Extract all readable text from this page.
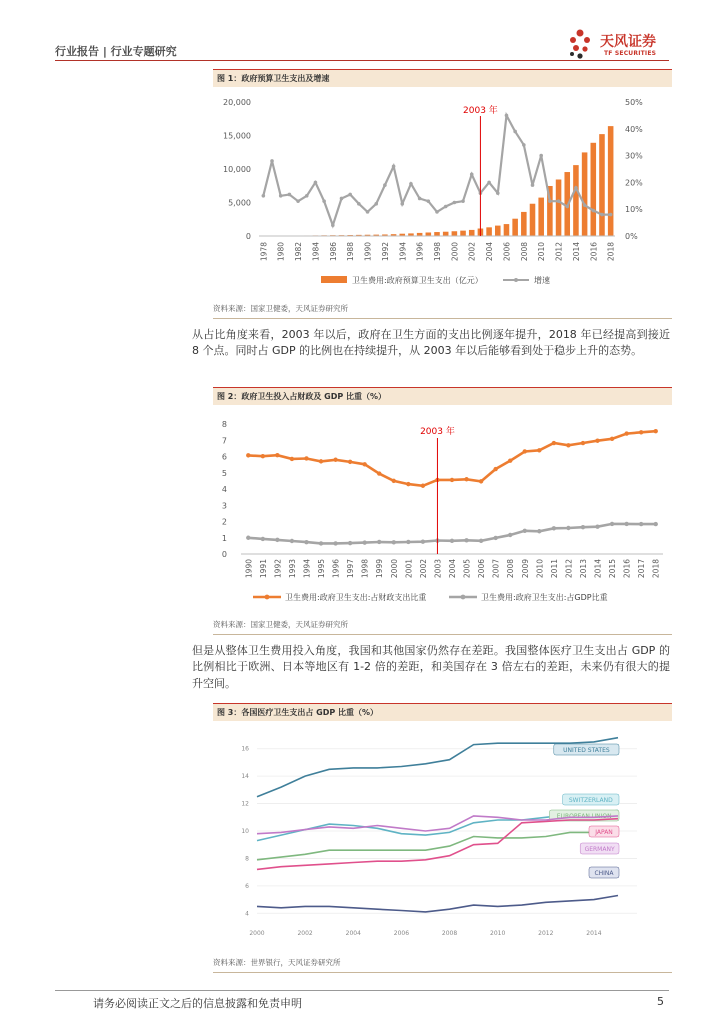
行业报告 | 行业专题研究
天风证券
TF SECURITIES
图 1：政府预算卫生支出及增速
0
5,000
10,000
15,000
20,000
0%
10%
20%
30%
40%
50%
2003 年
1978 1980 1982 1984 1986 1988 1990 1992 1994 1996 1998 2000 2002 2004 2006 2008 2010 2012 2014 2016 2018
卫生费用:政府预算卫生支出（亿元）	增速
资料来源：国家卫健委，天风证券研究所
从占比角度来看，2003 年以后，政府在卫生方面的支出比例逐年提升，2018 年已经提高到接近 8 个点。同时占 GDP 的比例也在持续提升，从 2003 年以后能够看到处于稳步上升的态势。
图 2：政府卫生投入占财政及 GDP 比重（%）
0
1
2
3
4
5
6
7
8
2003 年
1990 1991 1992 1993 1994 1995 1996 1997 1998 1999 2000 2001 2002 2003 2004 2005 2006 2007 2008 2009 2010 2011 2012 2013 2014 2015 2016 2017 2018
卫生费用:政府卫生支出:占财政支出比重	卫生费用:政府卫生支出:占GDP比重
资料来源：国家卫健委，天风证券研究所
但是从整体卫生费用投入角度，我国和其他国家仍然存在差距。我国整体医疗卫生支出占 GDP 的比例相比于欧洲、日本等地区有 1-2 倍的差距，和美国存在 3 倍左右的差距，未来仍有很大的提升空间。
图 3：各国医疗卫生支出占 GDP 比重（%）
4
6
8
10
12
14
16
2000	2002	2004	2006	2008	2010	2012	2014
UNITED STATES
SWITZERLAND
EUROPEAN UNION
JAPAN
GERMANY
CHINA
资料来源：世界银行，天风证券研究所
请务必阅读正文之后的信息披露和免责申明	5
